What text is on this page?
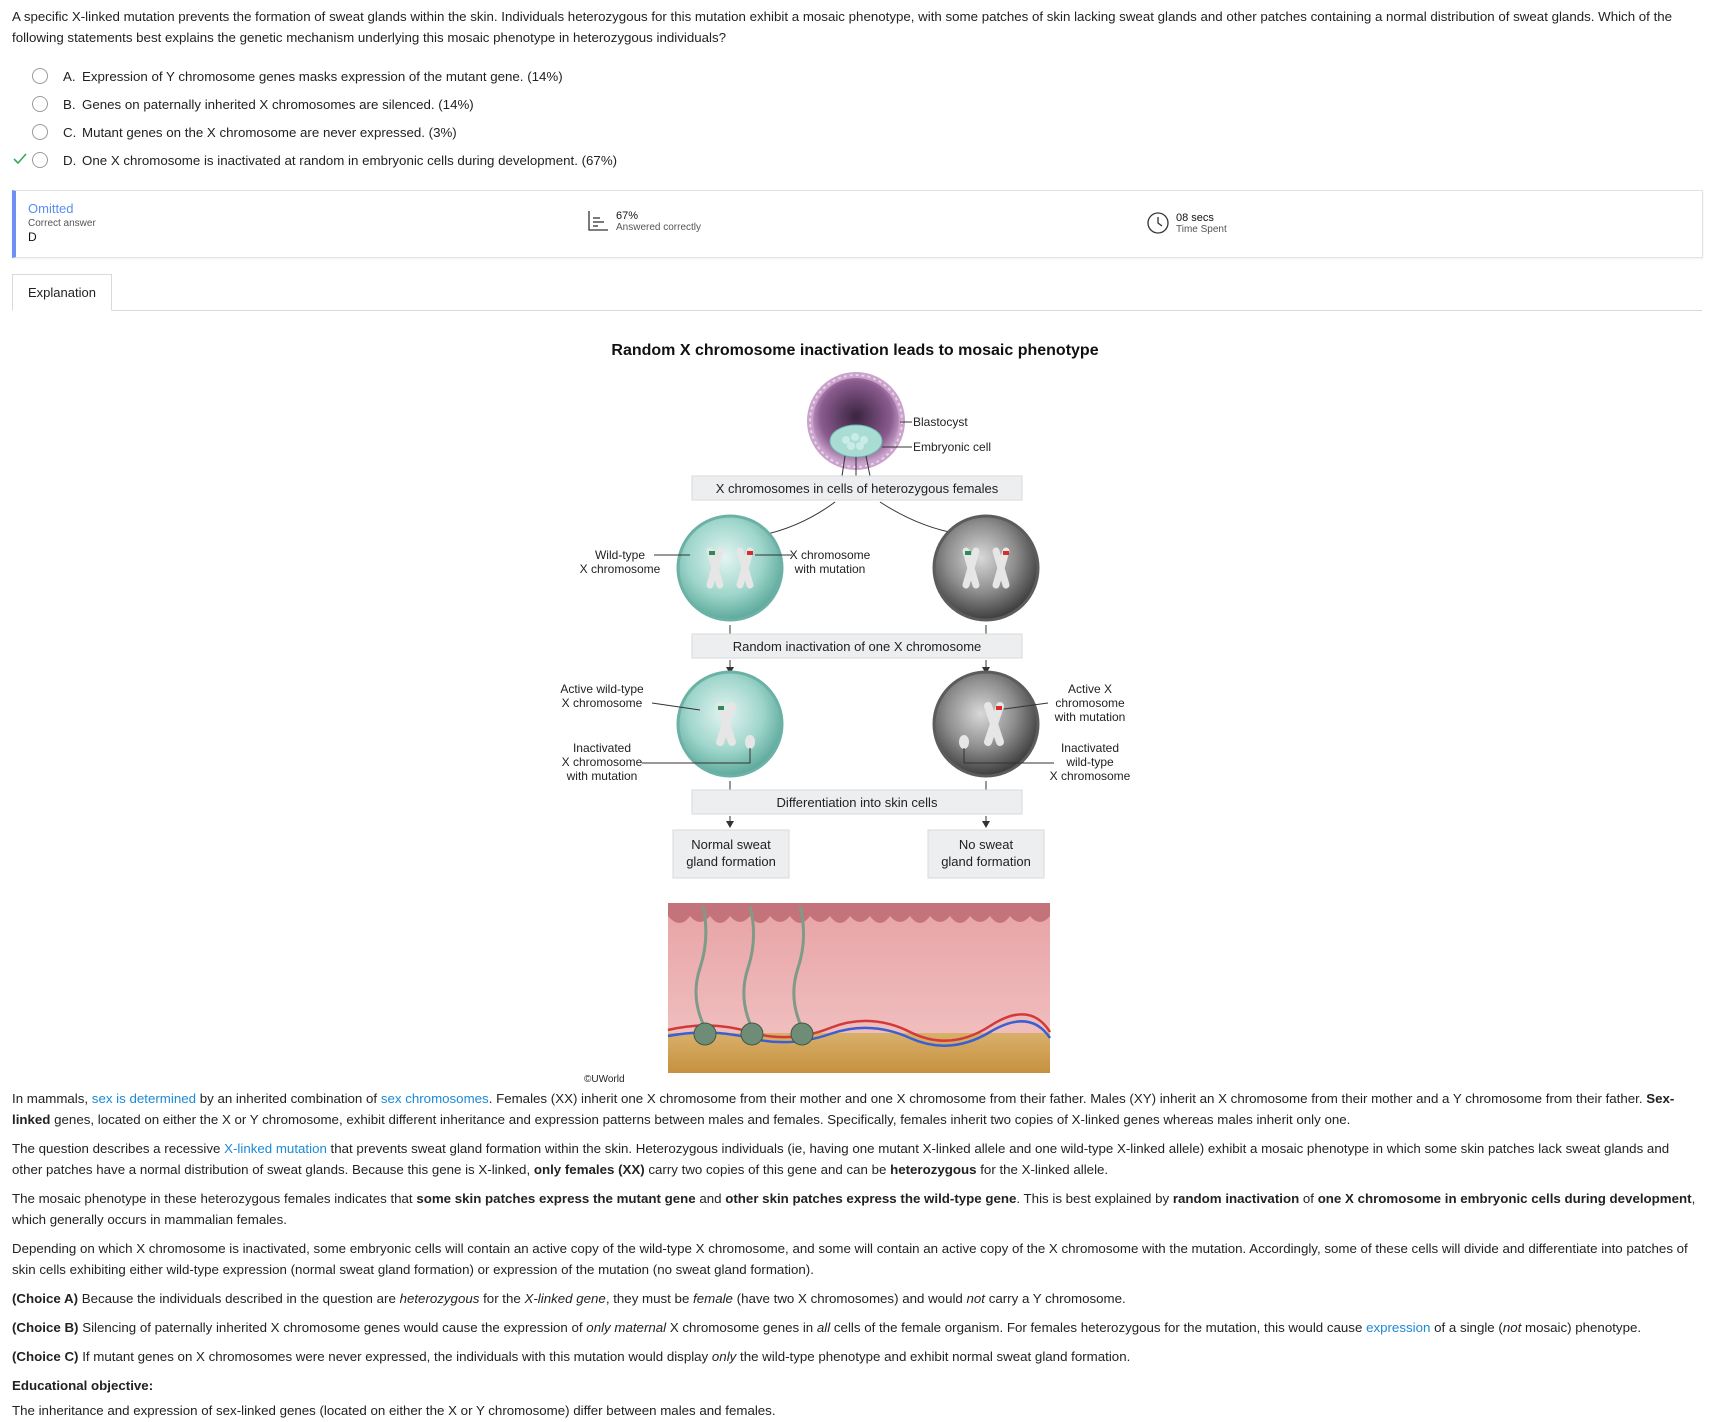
A specific X-linked mutation prevents the formation of sweat glands within the skin. Individuals heterozygous for this mutation exhibit a mosaic phenotype, with some patches of skin lacking sweat glands and other patches containing a normal distribution of sweat glands. Which of the following statements best explains the genetic mechanism underlying this mosaic phenotype in heterozygous individuals?
A. Expression of Y chromosome genes masks expression of the mutant gene. (14%)
B. Genes on paternally inherited X chromosomes are silenced. (14%)
C. Mutant genes on the X chromosome are never expressed. (3%)
D. One X chromosome is inactivated at random in embryonic cells during development. (67%)
Omitted
Correct answer
D
67%
Answered correctly
08 secs
Time Spent
Explanation
Random X chromosome inactivation leads to mosaic phenotype
Blastocyst
Embryonic cell
X chromosomes in cells of heterozygous females
Wild-type
X chromosome
X chromosome
with mutation
Random inactivation of one X chromosome
Active wild-type
X chromosome
Inactivated
X chromosome
with mutation
Active X
chromosome
with mutation
Inactivated
wild-type
X chromosome
Differentiation into skin cells
Normal sweat
gland formation
No sweat
gland formation
©UWorld

In mammals, sex is determined by an inherited combination of sex chromosomes. Females (XX) inherit one X chromosome from their mother and one X chromosome from their father. Males (XY) inherit an X chromosome from their mother and a Y chromosome from their father. Sex-linked genes, located on either the X or Y chromosome, exhibit different inheritance and expression patterns between males and females. Specifically, females inherit two copies of X-linked genes whereas males inherit only one.

The question describes a recessive X-linked mutation that prevents sweat gland formation within the skin. Heterozygous individuals (ie, having one mutant X-linked allele and one wild-type X-linked allele) exhibit a mosaic phenotype in which some skin patches lack sweat glands and other patches have a normal distribution of sweat glands. Because this gene is X-linked, only females (XX) carry two copies of this gene and can be heterozygous for the X-linked allele.

The mosaic phenotype in these heterozygous females indicates that some skin patches express the mutant gene and other skin patches express the wild-type gene. This is best explained by random inactivation of one X chromosome in embryonic cells during development, which generally occurs in mammalian females.

Depending on which X chromosome is inactivated, some embryonic cells will contain an active copy of the wild-type X chromosome, and some will contain an active copy of the X chromosome with the mutation. Accordingly, some of these cells will divide and differentiate into patches of skin cells exhibiting either wild-type expression (normal sweat gland formation) or expression of the mutation (no sweat gland formation).

(Choice A) Because the individuals described in the question are heterozygous for the X-linked gene, they must be female (have two X chromosomes) and would not carry a Y chromosome.

(Choice B) Silencing of paternally inherited X chromosome genes would cause the expression of only maternal X chromosome genes in all cells of the female organism. For females heterozygous for the mutation, this would cause expression of a single (not mosaic) phenotype.

(Choice C) If mutant genes on X chromosomes were never expressed, the individuals with this mutation would display only the wild-type phenotype and exhibit normal sweat gland formation.

Educational objective:
The inheritance and expression of sex-linked genes (located on either the X or Y chromosome) differ between males and females.
